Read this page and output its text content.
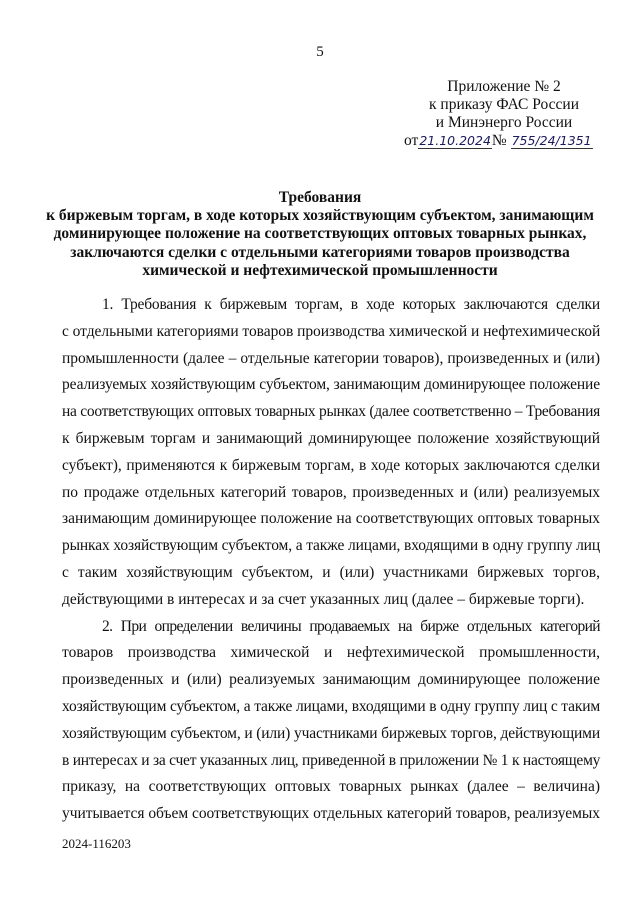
5
Приложение № 2
к приказу ФАС России
и Минэнерго России
от21.10.2024№ 755/24/1351
Требования
к биржевым торгам, в ходе которых хозяйствующим субъектом, занимающим
доминирующее положение на соответствующих оптовых товарных рынках,
заключаются сделки с отдельными категориями товаров производства
химической и нефтехимической промышленности

1. Требования к биржевым торгам, в ходе которых заключаются сделки
с отдельными категориями товаров производства химической и нефтехимической
промышленности (далее – отдельные категории товаров), произведенных и (или)
реализуемых хозяйствующим субъектом, занимающим доминирующее положение
на соответствующих оптовых товарных рынках (далее соответственно – Требования
к биржевым торгам и занимающий доминирующее положение хозяйствующий
субъект), применяются к биржевым торгам, в ходе которых заключаются сделки
по продаже отдельных категорий товаров, произведенных и (или) реализуемых
занимающим доминирующее положение на соответствующих оптовых товарных
рынках хозяйствующим субъектом, а также лицами, входящими в одну группу лиц
с таким хозяйствующим субъектом, и (или) участниками биржевых торгов,
действующими в интересах и за счет указанных лиц (далее – биржевые торги).

2. При определении величины продаваемых на бирже отдельных категорий
товаров производства химической и нефтехимической промышленности,
произведенных и (или) реализуемых занимающим доминирующее положение
хозяйствующим субъектом, а также лицами, входящими в одну группу лиц с таким
хозяйствующим субъектом, и (или) участниками биржевых торгов, действующими
в интересах и за счет указанных лиц, приведенной в приложении № 1 к настоящему
приказу, на соответствующих оптовых товарных рынках (далее – величина)
учитывается объем соответствующих отдельных категорий товаров, реализуемых

2024-116203
